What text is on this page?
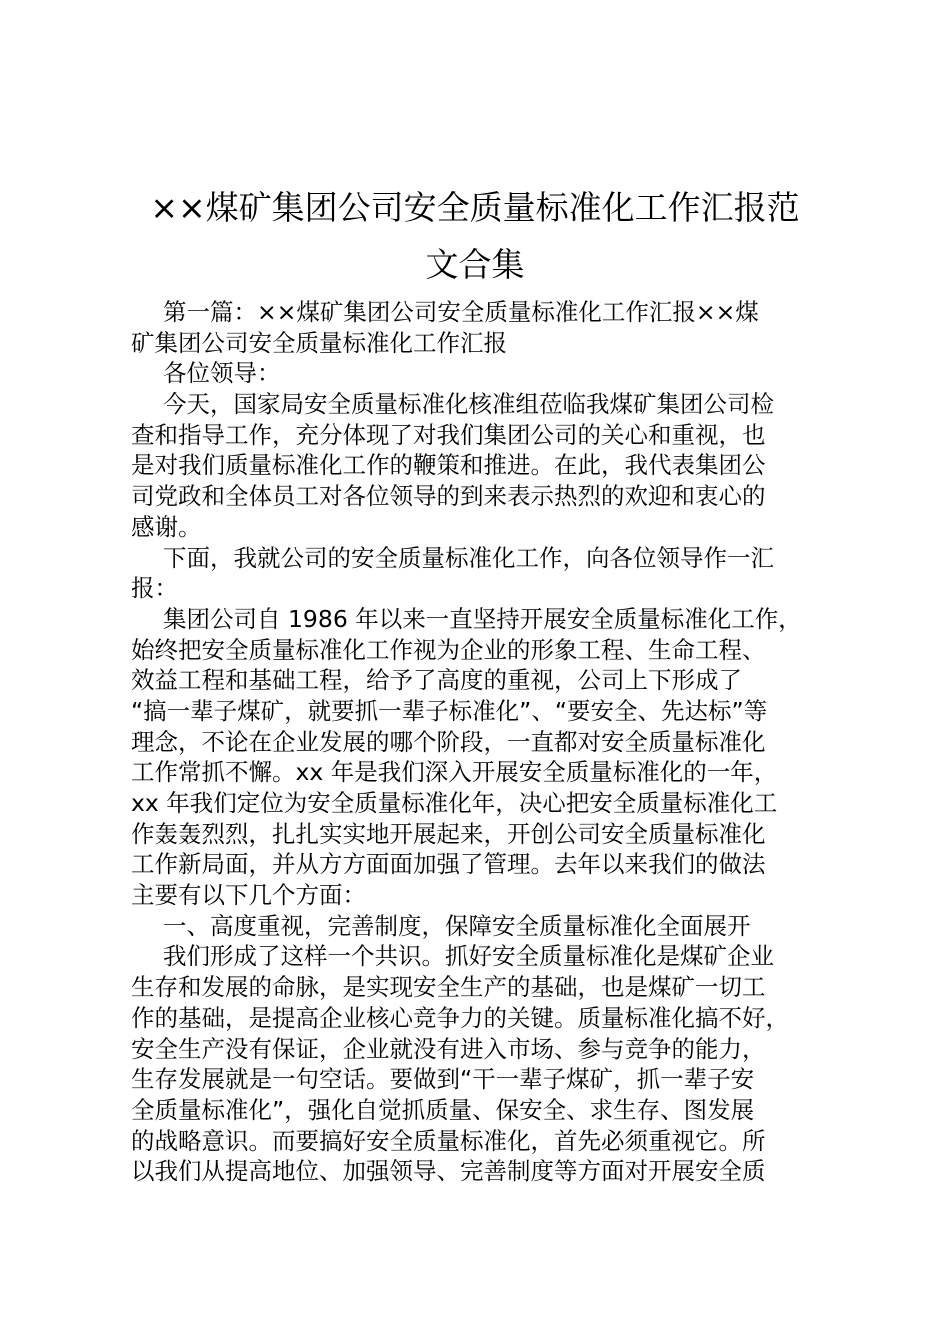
××煤矿集团公司安全质量标准化工作汇报范
文合集
第一篇：××煤矿集团公司安全质量标准化工作汇报××煤
矿集团公司安全质量标准化工作汇报
各位领导：
今天，国家局安全质量标准化核准组莅临我煤矿集团公司检
查和指导工作，充分体现了对我们集团公司的关心和重视，也
是对我们质量标准化工作的鞭策和推进。在此，我代表集团公
司党政和全体员工对各位领导的到来表示热烈的欢迎和衷心的
感谢。
下面，我就公司的安全质量标准化工作，向各位领导作一汇
报：
集团公司自 1986 年以来一直坚持开展安全质量标准化工作，
始终把安全质量标准化工作视为企业的形象工程、生命工程、
效益工程和基础工程，给予了高度的重视，公司上下形成了
“搞一辈子煤矿，就要抓一辈子标准化”、“要安全、先达标”等
理念，不论在企业发展的哪个阶段，一直都对安全质量标准化
工作常抓不懈。xx 年是我们深入开展安全质量标准化的一年，
xx 年我们定位为安全质量标准化年，决心把安全质量标准化工
作轰轰烈烈，扎扎实实地开展起来，开创公司安全质量标准化
工作新局面，并从方方面面加强了管理。去年以来我们的做法
主要有以下几个方面：
一、高度重视，完善制度，保障安全质量标准化全面展开
我们形成了这样一个共识。抓好安全质量标准化是煤矿企业
生存和发展的命脉，是实现安全生产的基础，也是煤矿一切工
作的基础，是提高企业核心竞争力的关键。质量标准化搞不好，
安全生产没有保证，企业就没有进入市场、参与竞争的能力，
生存发展就是一句空话。要做到“干一辈子煤矿，抓一辈子安
全质量标准化”，强化自觉抓质量、保安全、求生存、图发展
的战略意识。而要搞好安全质量标准化，首先必须重视它。所
以我们从提高地位、加强领导、完善制度等方面对开展安全质
